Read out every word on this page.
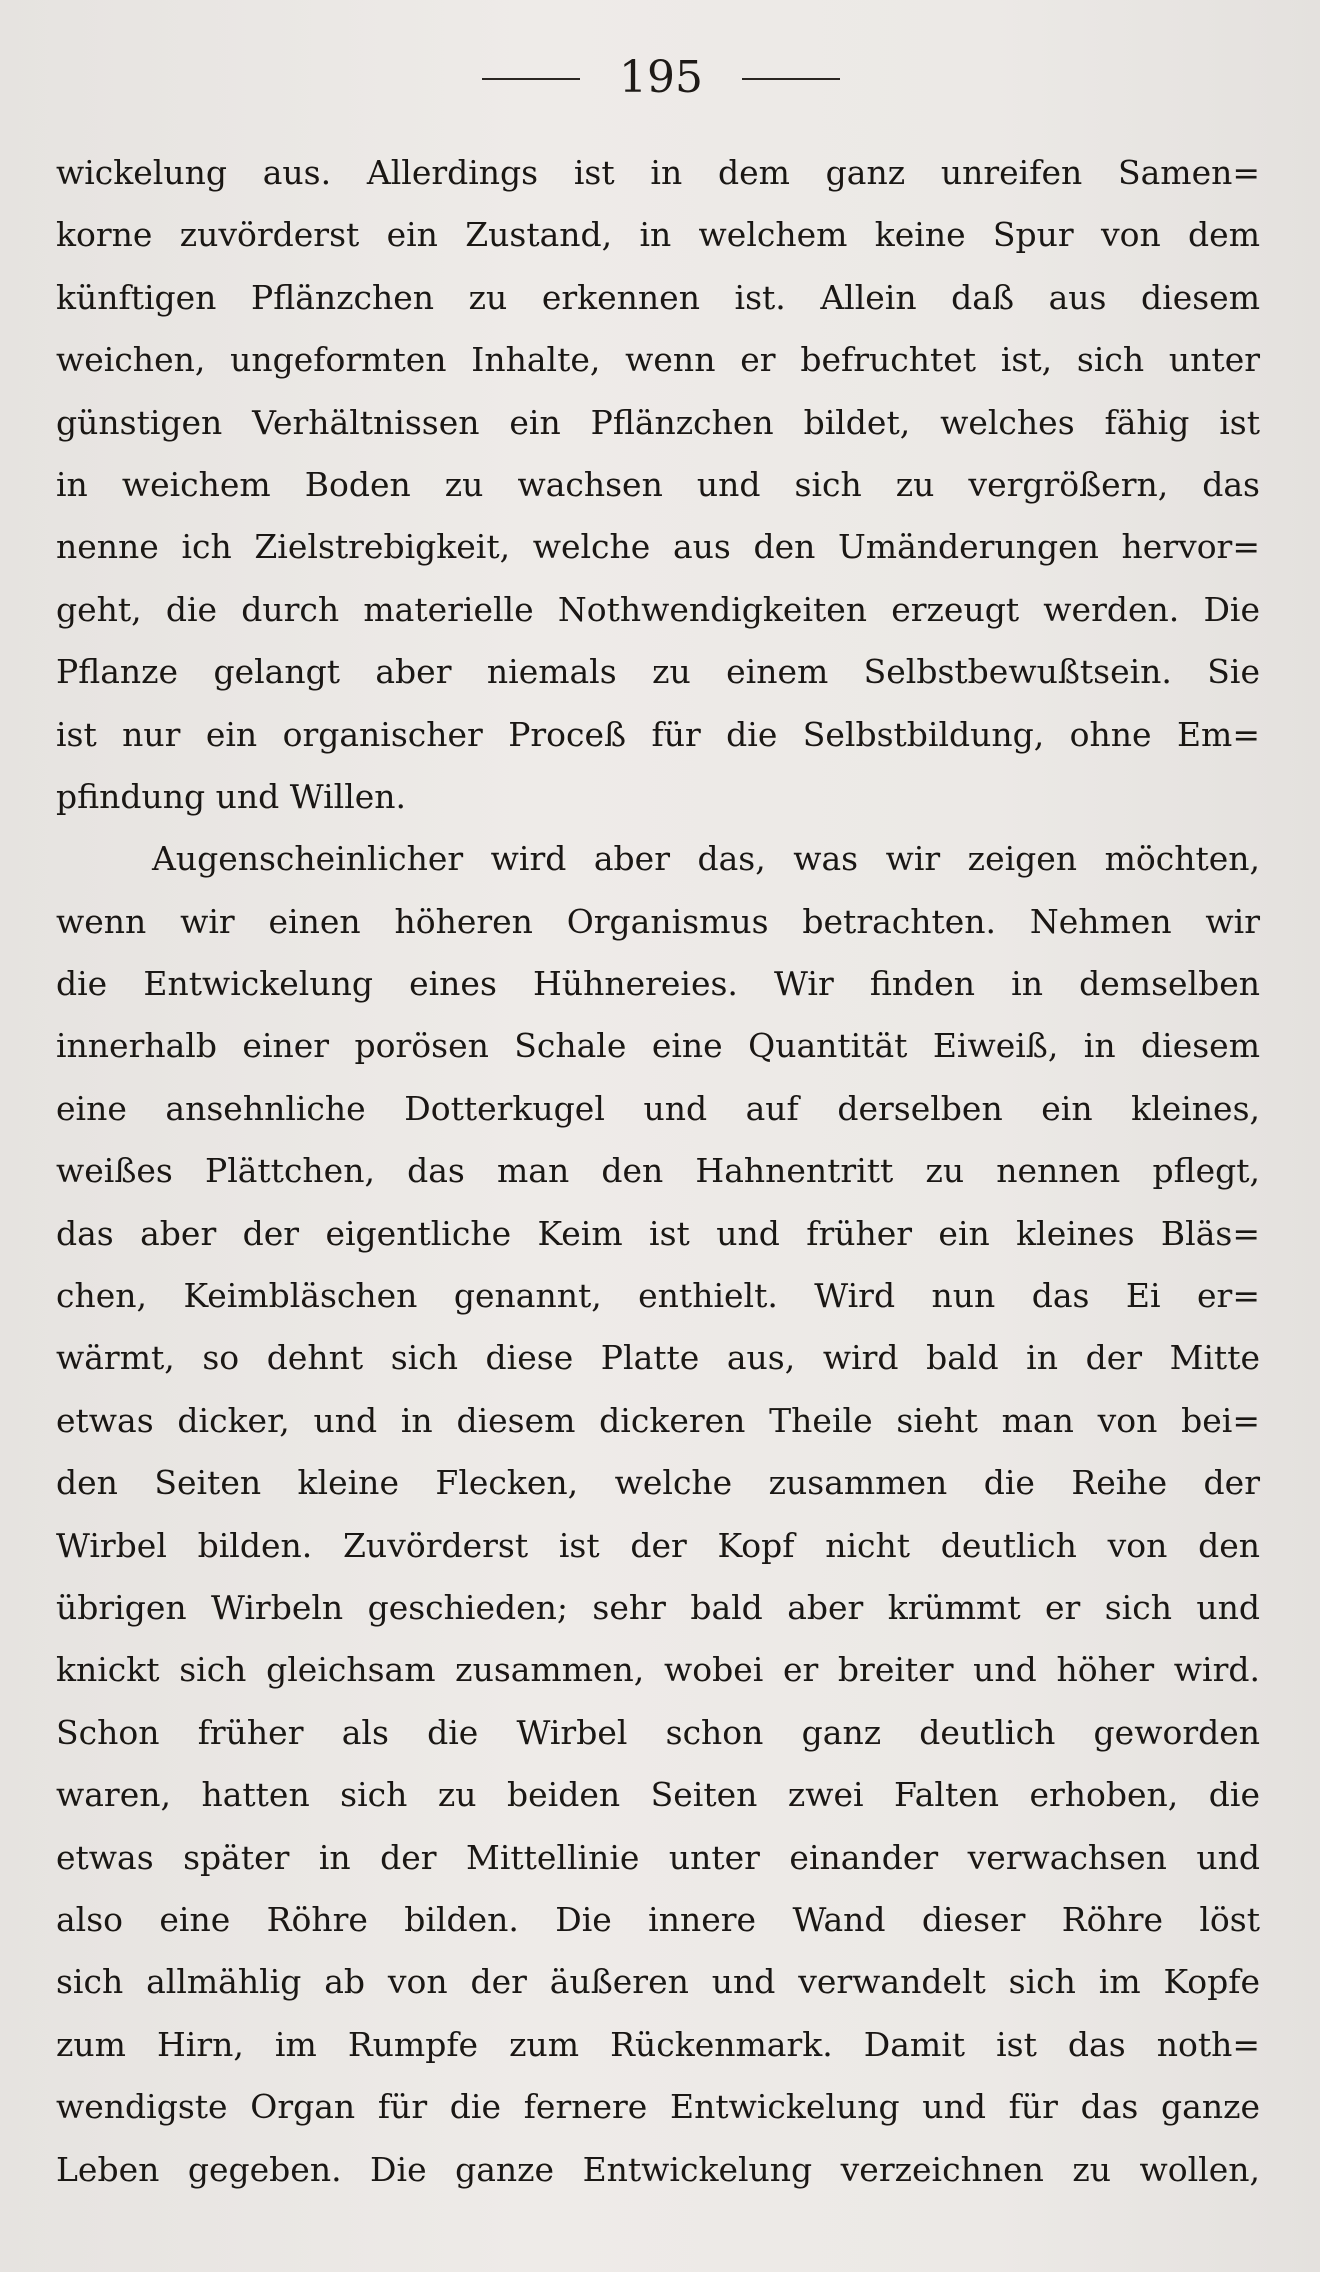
195
wickelung aus. Allerdings ist in dem ganz unreifen Samen=
korne zuvörderst ein Zustand, in welchem keine Spur von dem
künftigen Pflänzchen zu erkennen ist. Allein daß aus diesem
weichen, ungeformten Inhalte, wenn er befruchtet ist, sich unter
günstigen Verhältnissen ein Pflänzchen bildet, welches fähig ist
in weichem Boden zu wachsen und sich zu vergrößern, das
nenne ich Zielstrebigkeit, welche aus den Umänderungen hervor=
geht, die durch materielle Nothwendigkeiten erzeugt werden. Die
Pflanze gelangt aber niemals zu einem Selbstbewußtsein. Sie
ist nur ein organischer Proceß für die Selbstbildung, ohne Em=
pfindung und Willen.
Augenscheinlicher wird aber das, was wir zeigen möchten,
wenn wir einen höheren Organismus betrachten. Nehmen wir
die Entwickelung eines Hühnereies. Wir finden in demselben
innerhalb einer porösen Schale eine Quantität Eiweiß, in diesem
eine ansehnliche Dotterkugel und auf derselben ein kleines,
weißes Plättchen, das man den Hahnentritt zu nennen pflegt,
das aber der eigentliche Keim ist und früher ein kleines Bläs=
chen, Keimbläschen genannt, enthielt. Wird nun das Ei er=
wärmt, so dehnt sich diese Platte aus, wird bald in der Mitte
etwas dicker, und in diesem dickeren Theile sieht man von bei=
den Seiten kleine Flecken, welche zusammen die Reihe der
Wirbel bilden. Zuvörderst ist der Kopf nicht deutlich von den
übrigen Wirbeln geschieden; sehr bald aber krümmt er sich und
knickt sich gleichsam zusammen, wobei er breiter und höher wird.
Schon früher als die Wirbel schon ganz deutlich geworden
waren, hatten sich zu beiden Seiten zwei Falten erhoben, die
etwas später in der Mittellinie unter einander verwachsen und
also eine Röhre bilden. Die innere Wand dieser Röhre löst
sich allmählig ab von der äußeren und verwandelt sich im Kopfe
zum Hirn, im Rumpfe zum Rückenmark. Damit ist das noth=
wendigste Organ für die fernere Entwickelung und für das ganze
Leben gegeben. Die ganze Entwickelung verzeichnen zu wollen,
